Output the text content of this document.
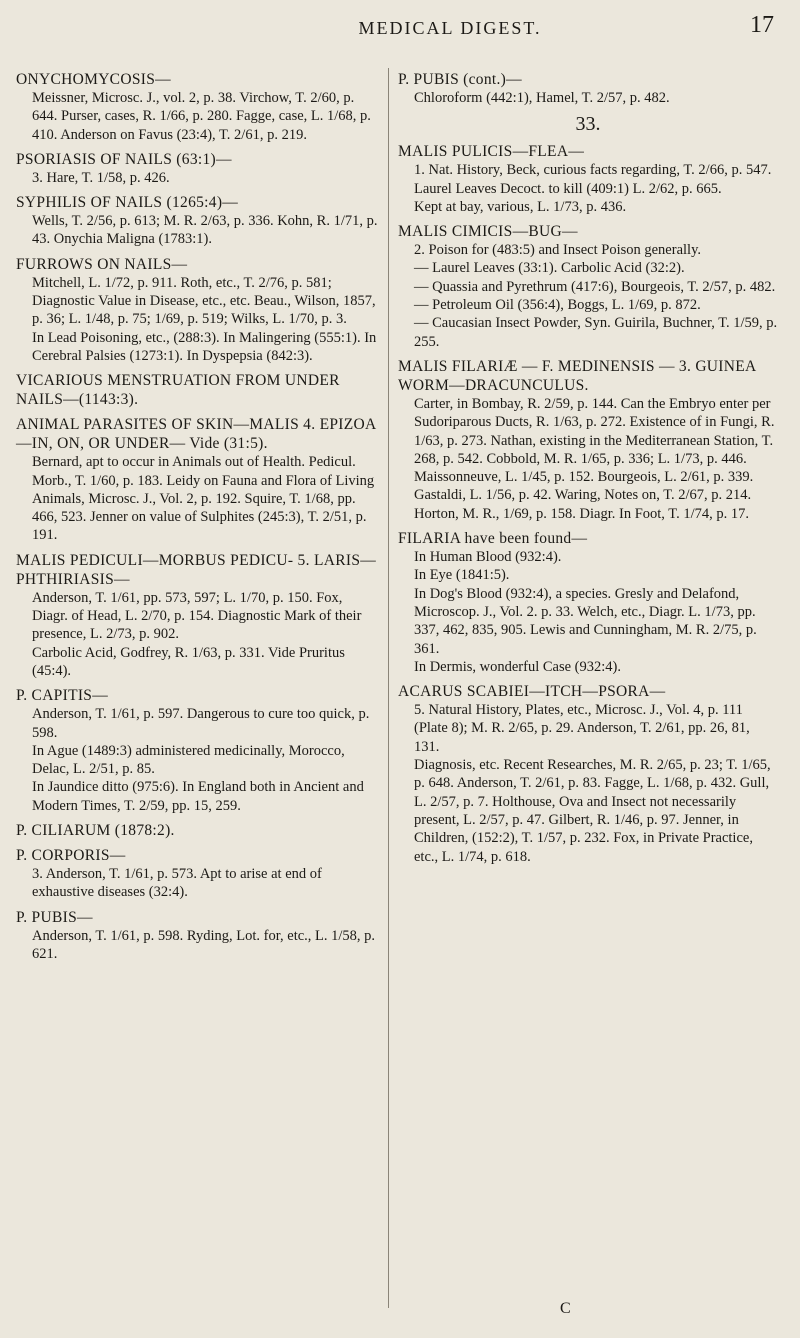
MEDICAL DIGEST.	17
ONYCHOMYCOSIS—
Meissner, Microsc. J., vol. 2, p. 38. Virchow, T. 2/60, p. 644. Purser, cases, R. 1/66, p. 280. Fagge, case, L. 1/68, p. 410. Anderson on Favus (23:4), T. 2/61, p. 219.
PSORIASIS OF NAILS (63:1)—
3. Hare, T. 1/58, p. 426.
SYPHILIS OF NAILS (1265:4)—
Wells, T. 2/56, p. 613; M. R. 2/63, p. 336. Kohn, R. 1/71, p. 43. Onychia Maligna (1783:1).
FURROWS ON NAILS—
Mitchell, L. 1/72, p. 911. Roth, etc., T. 2/76, p. 581; Diagnostic Value in Disease, etc., etc. Beau., Wilson, 1857, p. 36; L. 1/48, p. 75; 1/69, p. 519; Wilks, L. 1/70, p. 3.
In Lead Poisoning, etc., (288:3). In Malingering (555:1). In Cerebral Palsies (1273:1). In Dyspepsia (842:3).
VICARIOUS MENSTRUATION FROM UNDER NAILS—(1143:3).
ANIMAL PARASITES OF SKIN—MALIS 4. EPIZOA—IN, ON, OR UNDER— Vide (31:5).
Bernard, apt to occur in Animals out of Health. Pedicul. Morb., T. 1/60, p. 183. Leidy on Fauna and Flora of Living Animals, Microsc. J., Vol. 2, p. 192. Squire, T. 1/68, pp. 466, 523. Jenner on value of Sulphites (245:3), T. 2/51, p. 191.
MALIS PEDICULI—MORBUS PEDICU- 5. LARIS—PHTHIRIASIS—
Anderson, T. 1/61, pp. 573, 597; L. 1/70, p. 150. Fox, Diagr. of Head, L. 2/70, p. 154. Diagnostic Mark of their presence, L. 2/73, p. 902.
Carbolic Acid, Godfrey, R. 1/63, p. 331. Vide Pruritus (45:4).
P. CAPITIS—
Anderson, T. 1/61, p. 597. Dangerous to cure too quick, p. 598.
In Ague (1489:3) administered medicinally, Morocco, Delac, L. 2/51, p. 85.
In Jaundice ditto (975:6). In England both in Ancient and Modern Times, T. 2/59, pp. 15, 259.
P. CILIARUM (1878:2).
P. CORPORIS—
3. Anderson, T. 1/61, p. 573. Apt to arise at end of exhaustive diseases (32:4).
P. PUBIS—
Anderson, T. 1/61, p. 598. Ryding, Lot. for, etc., L. 1/58, p. 621.
P. PUBIS (cont.)—
Chloroform (442:1), Hamel, T. 2/57, p. 482.
33.
MALIS PULICIS—FLEA—
1. Nat. History, Beck, curious facts regarding, T. 2/66, p. 547.
Laurel Leaves Decoct. to kill (409:1) L. 2/62, p. 665.
Kept at bay, various, L. 1/73, p. 436.
MALIS CIMICIS—BUG—
2. Poison for (483:5) and Insect Poison generally.
— Laurel Leaves (33:1). Carbolic Acid (32:2).
— Quassia and Pyrethrum (417:6), Bourgeois, T. 2/57, p. 482.
— Petroleum Oil (356:4), Boggs, L. 1/69, p. 872.
— Caucasian Insect Powder, Syn. Guirila, Buchner, T. 1/59, p. 255.
MALIS FILARIÆ — F. MEDINENSIS — 3. GUINEA WORM—DRACUNCULUS.
Carter, in Bombay, R. 2/59, p. 144. Can the Embryo enter per Sudoriparous Ducts, R. 1/63, p. 272. Existence of in Fungi, R. 1/63, p. 273. Nathan, existing in the Mediterranean Station, T. 268, p. 542. Cobbold, M. R. 1/65, p. 336; L. 1/73, p. 446. Maissonneuve, L. 1/45, p. 152. Bourgeois, L. 2/61, p. 339. Gastaldi, L. 1/56, p. 42. Waring, Notes on, T. 2/67, p. 214. Horton, M. R., 1/69, p. 158. Diagr. In Foot, T. 1/74, p. 17.
FILARIA have been found—
In Human Blood (932:4).
In Eye (1841:5).
In Dog's Blood (932:4), a species. Gresly and Delafond, Microscop. J., Vol. 2. p. 33. Welch, etc., Diagr. L. 1/73, pp. 337, 462, 835, 905. Lewis and Cunningham, M. R. 2/75, p. 361.
In Dermis, wonderful Case (932:4).
ACARUS SCABIEI—ITCH—PSORA—
5. Natural History, Plates, etc., Microsc. J., Vol. 4, p. 111 (Plate 8); M. R. 2/65, p. 29. Anderson, T. 2/61, pp. 26, 81, 131.
Diagnosis, etc. Recent Researches, M. R. 2/65, p. 23; T. 1/65, p. 648. Anderson, T. 2/61, p. 83. Fagge, L. 1/68, p. 432. Gull, L. 2/57, p. 7. Holthouse, Ova and Insect not necessarily present, L. 2/57, p. 47. Gilbert, R. 1/46, p. 97. Jenner, in Children, (152:2), T. 1/57, p. 232. Fox, in Private Practice, etc., L. 1/74, p. 618.
C
